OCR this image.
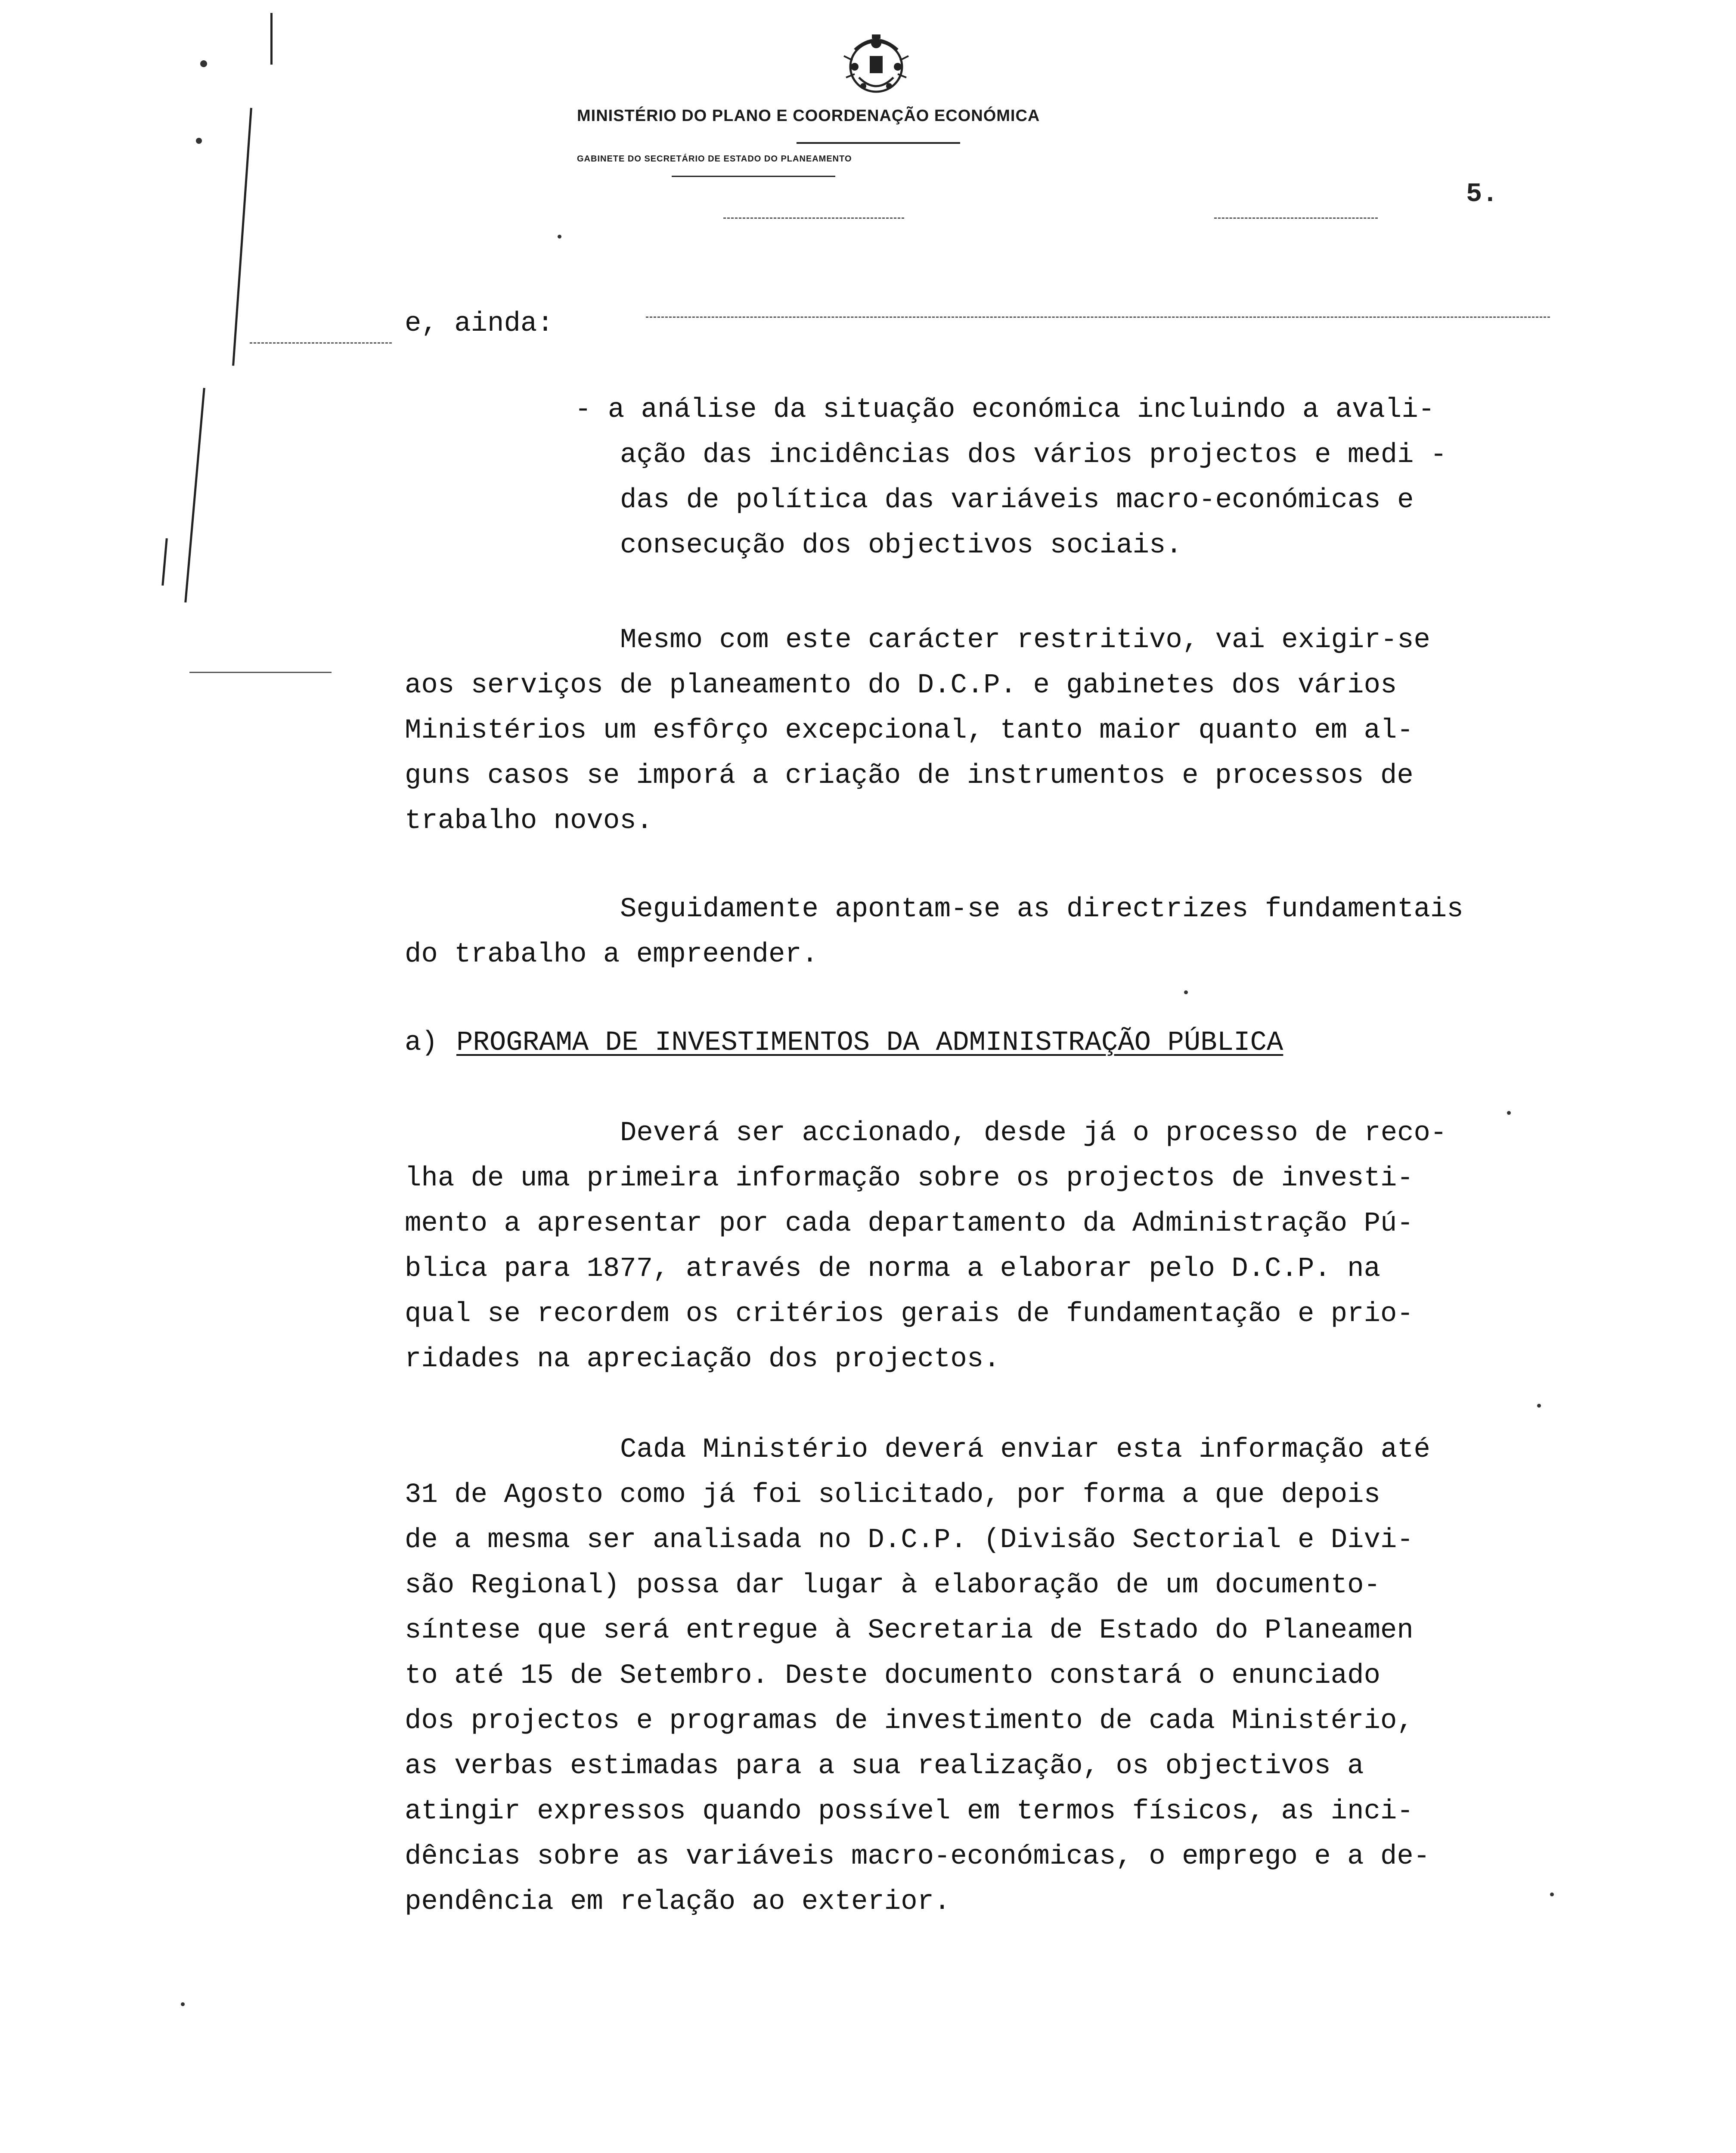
MINISTÉRIO DO PLANO E COORDENAÇÃO ECONÓMICA
GABINETE DO SECRETÁRIO DE ESTADO DO PLANEAMENTO
5.
e, ainda:
- a análise da situação económica incluindo a avali-
ação das incidências dos vários projectos e medi -
das de política das variáveis macro-económicas e
consecução dos objectivos sociais.
Mesmo com este carácter restritivo, vai exigir-se
aos serviços de planeamento do D.C.P. e gabinetes dos vários
Ministérios um esfôrço excepcional, tanto maior quanto em al-
guns casos se imporá a criação de instrumentos e processos de
trabalho novos.
Seguidamente apontam-se as directrizes fundamentais
do trabalho a empreender.
a) PROGRAMA DE INVESTIMENTOS DA ADMINISTRAÇÃO PÚBLICA
Deverá ser accionado, desde já o processo de reco-
lha de uma primeira informação sobre os projectos de investi-
mento a apresentar por cada departamento da Administração Pú-
blica para 1877, através de norma a elaborar pelo D.C.P. na
qual se recordem os critérios gerais de fundamentação e prio-
ridades na apreciação dos projectos.
Cada Ministério deverá enviar esta informação até
31 de Agosto como já foi solicitado, por forma a que depois
de a mesma ser analisada no D.C.P. (Divisão Sectorial e Divi-
são Regional) possa dar lugar à elaboração de um documento-
síntese que será entregue à Secretaria de Estado do Planeamen
to até 15 de Setembro. Deste documento constará o enunciado
dos projectos e programas de investimento de cada Ministério,
as verbas estimadas para a sua realização, os objectivos a
atingir expressos quando possível em termos físicos, as inci-
dências sobre as variáveis macro-económicas, o emprego e a de-
pendência em relação ao exterior.
